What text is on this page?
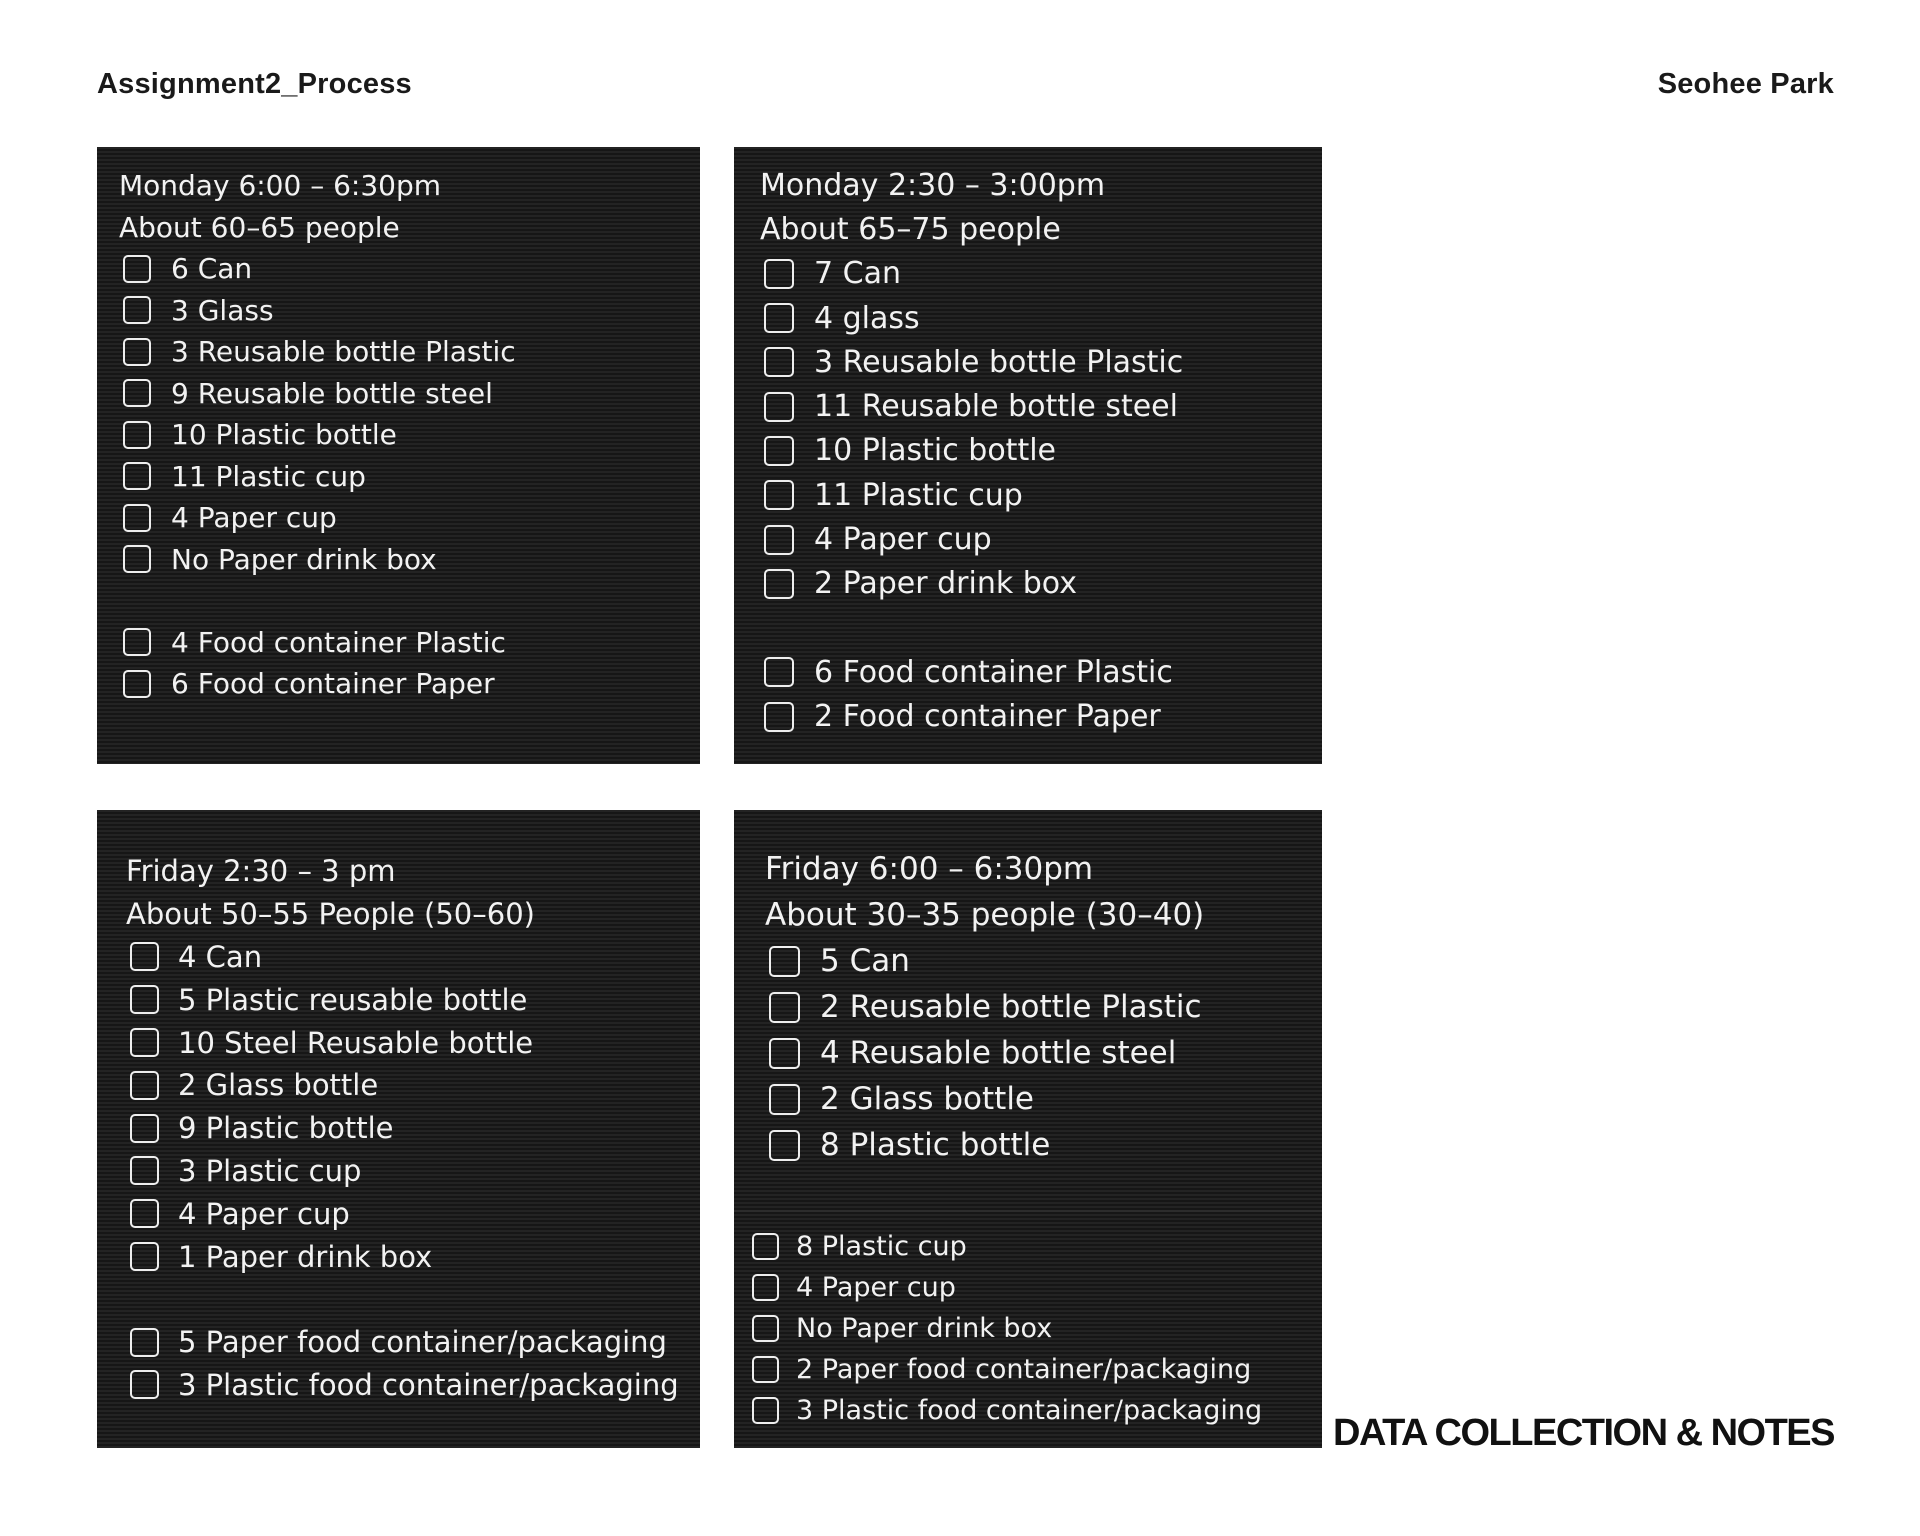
Assignment2_Process	Seohee Park
Monday 6:00 – 6:30pm
About 60–65 people
6 Can
3 Glass
3 Reusable bottle Plastic
9 Reusable bottle steel
10 Plastic bottle
11 Plastic cup
4 Paper cup
No Paper drink box
4 Food container Plastic
6 Food container Paper
Monday 2:30 – 3:00pm
About 65–75 people
7 Can
4 glass
3 Reusable bottle Plastic
11 Reusable bottle steel
10 Plastic bottle
11 Plastic cup
4 Paper cup
2 Paper drink box
6 Food container Plastic
2 Food container Paper
Friday 2:30 – 3 pm
About 50–55 People (50–60)
4 Can
5 Plastic reusable bottle
10 Steel Reusable bottle
2 Glass bottle
9 Plastic bottle
3 Plastic cup
4 Paper cup
1 Paper drink box
5 Paper food container/packaging
3 Plastic food container/packaging
Friday 6:00 – 6:30pm
About 30–35 people (30–40)
5 Can
2 Reusable bottle Plastic
4 Reusable bottle steel
2 Glass bottle
8 Plastic bottle
8 Plastic cup
4 Paper cup
No Paper drink box
2 Paper food container/packaging
3 Plastic food container/packaging
DATA COLLECTION & NOTES
